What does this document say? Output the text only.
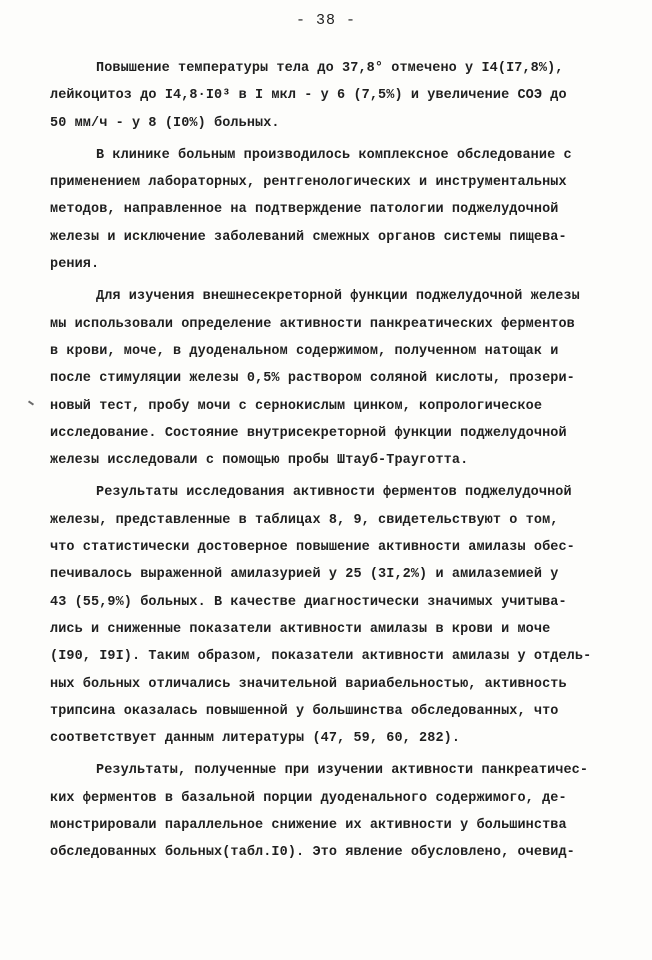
- 38 -
Повышение температуры тела до 37,8° отмечено у I4(I7,8%),
лейкоцитоз до I4,8·I0³ в I мкл - у 6 (7,5%) и увеличение СОЭ до
50 мм/ч - у 8 (I0%) больных.
В клинике больным производилось комплексное обследование с
применением лабораторных, рентгенологических и инструментальных
методов, направленное на подтверждение патологии поджелудочной
железы и исключение заболеваний смежных органов системы пищева-
рения.
Для изучения внешнесекреторной функции поджелудочной железы
мы использовали определение активности панкреатических ферментов
в крови, моче, в дуоденальном содержимом, полученном натощак и
после стимуляции железы 0,5% раствором соляной кислоты, прозери-
новый тест, пробу мочи с сернокислым цинком, копрологическое
исследование. Состояние внутрисекреторной функции поджелудочной
железы исследовали с помощью пробы Штауб-Трауготта.
Результаты исследования активности ферментов поджелудочной
железы, представленные в таблицах 8, 9, свидетельствуют о том,
что статистически достоверное повышение активности амилазы обес-
печивалось выраженной амилазурией у 25 (3I,2%) и амилаземией у
43 (55,9%) больных. В качестве диагностически значимых учитыва-
лись и сниженные показатели активности амилазы в крови и моче
(I90, I9I). Таким образом, показатели активности амилазы у отдель-
ных больных отличались значительной вариабельностью, активность
трипсина оказалась повышенной у большинства обследованных, что
соответствует данным литературы (47, 59, 60, 282).
Результаты, полученные при изучении активности панкреатичес-
ких ферментов в базальной порции дуоденального содержимого, де-
монстрировали параллельное снижение их активности у большинства
обследованных больных(табл.I0). Это явление обусловлено, очевид-
